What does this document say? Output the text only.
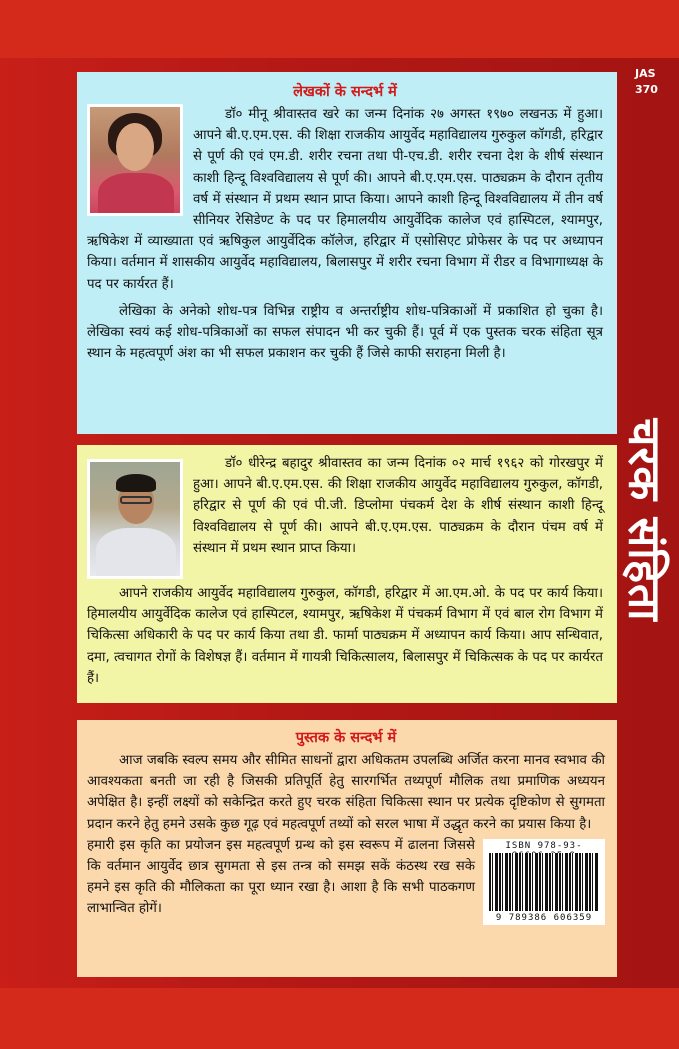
JAS
370
चरक संहिता
लेखकों के सन्दर्भ में

डॉ० मीनू श्रीवास्तव खरे का जन्म दिनांक २७ अगस्त १९७० लखनऊ में हुआ। आपने बी.ए.एम.एस. की शिक्षा राजकीय आयुर्वेद महाविद्यालय गुरुकुल कॉगडी, हरिद्वार से पूर्ण की एवं एम.डी. शरीर रचना तथा पी-एच.डी. शरीर रचना देश के शीर्ष संस्थान काशी हिन्दू विश्वविद्यालय से पूर्ण की। आपने बी.ए.एम.एस. पाठ्यक्रम के दौरान तृतीय वर्ष में संस्थान में प्रथम स्थान प्राप्त किया। आपने काशी हिन्दू विश्वविद्यालय में तीन वर्ष सीनियर रेसिडेण्ट के पद पर हिमालयीय आयुर्वेदिक कालेज एवं हास्पिटल, श्यामपुर, ऋषिकेश में व्याख्याता एवं ऋषिकुल आयुर्वेदिक कॉलेज, हरिद्वार में एसोसिएट प्रोफेसर के पद पर अध्यापन किया। वर्तमान में शासकीय आयुर्वेद महाविद्यालय, बिलासपुर में शरीर रचना विभाग में रीडर व विभागाध्यक्ष के पद पर कार्यरत हैं।

लेखिका के अनेको शोध-पत्र विभिन्न राष्ट्रीय व अन्तर्राष्ट्रीय शोध-पत्रिकाओं में प्रकाशित हो चुका है। लेखिका स्वयं कई शोध-पत्रिकाओं का सफल संपादन भी कर चुकी हैं। पूर्व में एक पुस्तक चरक संहिता सूत्र स्थान के महत्वपूर्ण अंश का भी सफल प्रकाशन कर चुकी हैं जिसे काफी सराहना मिली है।

डॉ० धीरेन्द्र बहादुर श्रीवास्तव का जन्म दिनांक ०२ मार्च १९६२ को गोरखपुर में हुआ। आपने बी.ए.एम.एस. की शिक्षा राजकीय आयुर्वेद महाविद्यालय गुरुकुल, कॉगडी, हरिद्वार से पूर्ण की एवं पी.जी. डिप्लोमा पंचकर्म देश के शीर्ष संस्थान काशी हिन्दू विश्वविद्यालय से पूर्ण की। आपने बी.ए.एम.एस. पाठ्यक्रम के दौरान पंचम वर्ष में संस्थान में प्रथम स्थान प्राप्त किया।

आपने राजकीय आयुर्वेद महाविद्यालय गुरुकुल, कॉगडी, हरिद्वार में आ.एम.ओ. के पद पर कार्य किया। हिमालयीय आयुर्वेदिक कालेज एवं हास्पिटल, श्यामपुर, ऋषिकेश में पंचकर्म विभाग में एवं बाल रोग विभाग में चिकित्सा अधिकारी के पद पर कार्य किया तथा डी. फार्मा पाठ्यक्रम में अध्यापन कार्य किया। आप सन्धिवात, दमा, त्वचागत रोगों के विशेषज्ञ हैं। वर्तमान में गायत्री चिकित्सालय, बिलासपुर में चिकित्सक के पद पर कार्यरत हैं।

पुस्तक के सन्दर्भ में

आज जबकि स्वल्प समय और सीमित साधनों द्वारा अधिकतम उपलब्धि अर्जित करना मानव स्वभाव की आवश्यकता बनती जा रही है जिसकी प्रतिपूर्ति हेतु सारगर्भित तथ्यपूर्ण मौलिक तथा प्रमाणिक अध्ययन अपेक्षित है। इन्हीं लक्ष्यों को सकेन्द्रित करते हुए चरक संहिता चिकित्सा स्थान पर प्रत्येक दृष्टिकोण से सुगमता प्रदान करने हेतु हमने उसके कुछ गूढ़ एवं महत्वपूर्ण तथ्यों को सरल भाषा में उद्धृत करने का प्रयास किया है।

ISBN 978-93-
9 789386 606359

हमारी इस कृति का प्रयोजन इस महत्वपूर्ण ग्रन्थ को इस स्वरूप में ढालना जिससे कि वर्तमान आयुर्वेद छात्र सुगमता से इस तन्त्र को समझ सकें कंठस्थ रख सके हमने इस कृति की मौलिकता का पूरा ध्यान रखा है। आशा है कि सभी पाठकगण लाभान्वित होगें।
